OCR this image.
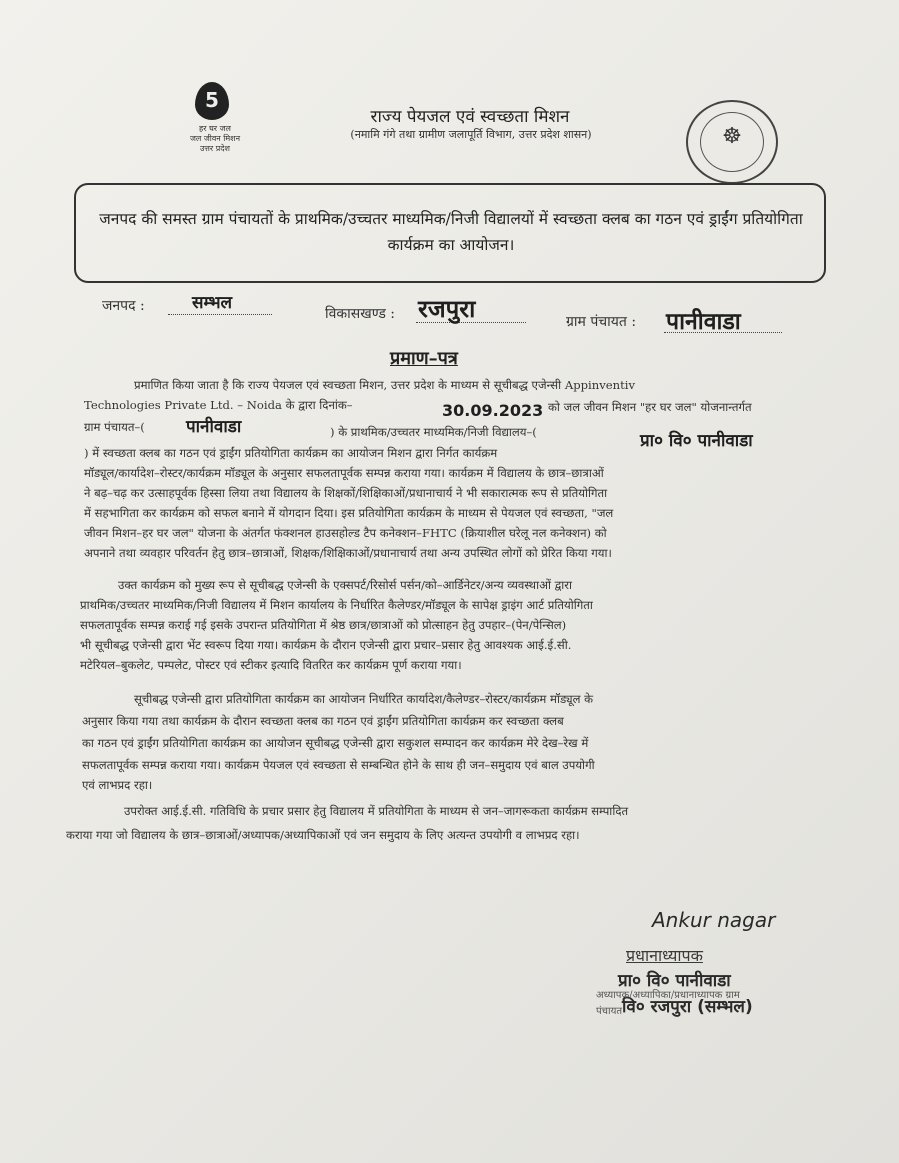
5
हर घर जल
जल जीवन मिशन
उत्तर प्रदेश
राज्य पेयजल एवं स्वच्छता मिशन
(नमामि गंगे तथा ग्रामीण जलापूर्ति विभाग, उत्तर प्रदेश शासन)	☸
जनपद की समस्त ग्राम पंचायतों के प्राथमिक/उच्चतर माध्यमिक/निजी विद्यालयों में स्वच्छता क्लब का गठन एवं ड्राईंग प्रतियोगिता कार्यक्रम का आयोजन।
जनपद :	सम्भल
विकासखण्ड : रजपुरा	ग्राम पंचायत : पानीवाडा
प्रमाण–पत्र
प्रमाणित किया जाता है कि राज्य पेयजल एवं स्वच्छता मिशन, उत्तर प्रदेश के माध्यम से सूचीबद्ध एजेन्सी Appinventiv
Technologies Private Ltd. – Noida के द्वारा दिनांक–	30.09.2023 को जल जीवन मिशन "हर घर जल" योजनान्तर्गत
ग्राम पंचायत–( पानीवाडा	) के प्राथमिक/उच्चतर माध्यमिक/निजी विद्यालय–(	प्रा० वि० पानीवाडा
) में स्वच्छता क्लब का गठन एवं ड्राईंग प्रतियोगिता कार्यक्रम का आयोजन मिशन द्वारा निर्गत कार्यक्रम
मॉड्यूल/कार्यादेश–रोस्टर/कार्यक्रम मॉड्यूल के अनुसार सफलतापूर्वक सम्पन्न कराया गया। कार्यक्रम में विद्यालय के छात्र–छात्राओं
ने बढ़–चढ़ कर उत्साहपूर्वक हिस्सा लिया तथा विद्यालय के शिक्षकों/शिक्षिकाओं/प्रधानाचार्य ने भी सकारात्मक रूप से प्रतियोगिता
में सहभागिता कर कार्यक्रम को सफल बनाने में योगदान दिया। इस प्रतियोगिता कार्यक्रम के माध्यम से पेयजल एवं स्वच्छता, "जल
जीवन मिशन–हर घर जल" योजना के अंतर्गत फंक्शनल हाउसहोल्ड टैप कनेक्शन–FHTC (क्रियाशील घरेलू नल कनेक्शन) को
अपनाने तथा व्यवहार परिवर्तन हेतु छात्र–छात्राओं, शिक्षक/शिक्षिकाओं/प्रधानाचार्य तथा अन्य उपस्थित लोगों को प्रेरित किया गया।
उक्त कार्यक्रम को मुख्य रूप से सूचीबद्ध एजेन्सी के एक्सपर्ट/रिसोर्स पर्सन/को–आर्डिनेटर/अन्य व्यवस्थाओं द्वारा
प्राथमिक/उच्चतर माध्यमिक/निजी विद्यालय में मिशन कार्यालय के निर्धारित कैलेण्डर/मॉड्यूल के सापेक्ष ड्राइंग आर्ट प्रतियोगिता
सफलतापूर्वक सम्पन्न कराई गई इसके उपरान्त प्रतियोगिता में श्रेष्ठ छात्र/छात्राओं को प्रोत्साहन हेतु उपहार–(पेन/पेन्सिल)
भी सूचीबद्ध एजेन्सी द्वारा भेंट स्वरूप दिया गया। कार्यक्रम के दौरान एजेन्सी द्वारा प्रचार–प्रसार हेतु आवश्यक आई.ई.सी.
मटेरियल–बुकलेट, पम्पलेट, पोस्टर एवं स्टीकर इत्यादि वितरित कर कार्यक्रम पूर्ण कराया गया।
सूचीबद्ध एजेन्सी द्वारा प्रतियोगिता कार्यक्रम का आयोजन निर्धारित कार्यादेश/कैलेण्डर–रोस्टर/कार्यक्रम मॉड्यूल के
अनुसार किया गया तथा कार्यक्रम के दौरान स्वच्छता क्लब का गठन एवं ड्राईंग प्रतियोगिता कार्यक्रम कर स्वच्छता क्लब
का गठन एवं ड्राईंग प्रतियोगिता कार्यक्रम का आयोजन सूचीबद्ध एजेन्सी द्वारा सकुशल सम्पादन कर कार्यक्रम मेरे देख–रेख में
सफलतापूर्वक सम्पन्न कराया गया। कार्यक्रम पेयजल एवं स्वच्छता से सम्बन्धित होने के साथ ही जन–समुदाय एवं बाल उपयोगी
एवं लाभप्रद रहा।
उपरोक्त आई.ई.सी. गतिविधि के प्रचार प्रसार हेतु विद्यालय में प्रतियोगिता के माध्यम से जन–जागरूकता कार्यक्रम सम्पादित
कराया गया जो विद्यालय के छात्र–छात्राओं/अध्यापक/अध्यापिकाओं एवं जन समुदाय के लिए अत्यन्त उपयोगी व लाभप्रद रहा।
Ankur nagar
प्रधानाध्यापक
प्रा० वि० पानीवाडा
वि० रजपुरा (सम्भल)
अध्यापक/अध्यापिका/प्रधानाध्यापक ग्राम
पंचायत
